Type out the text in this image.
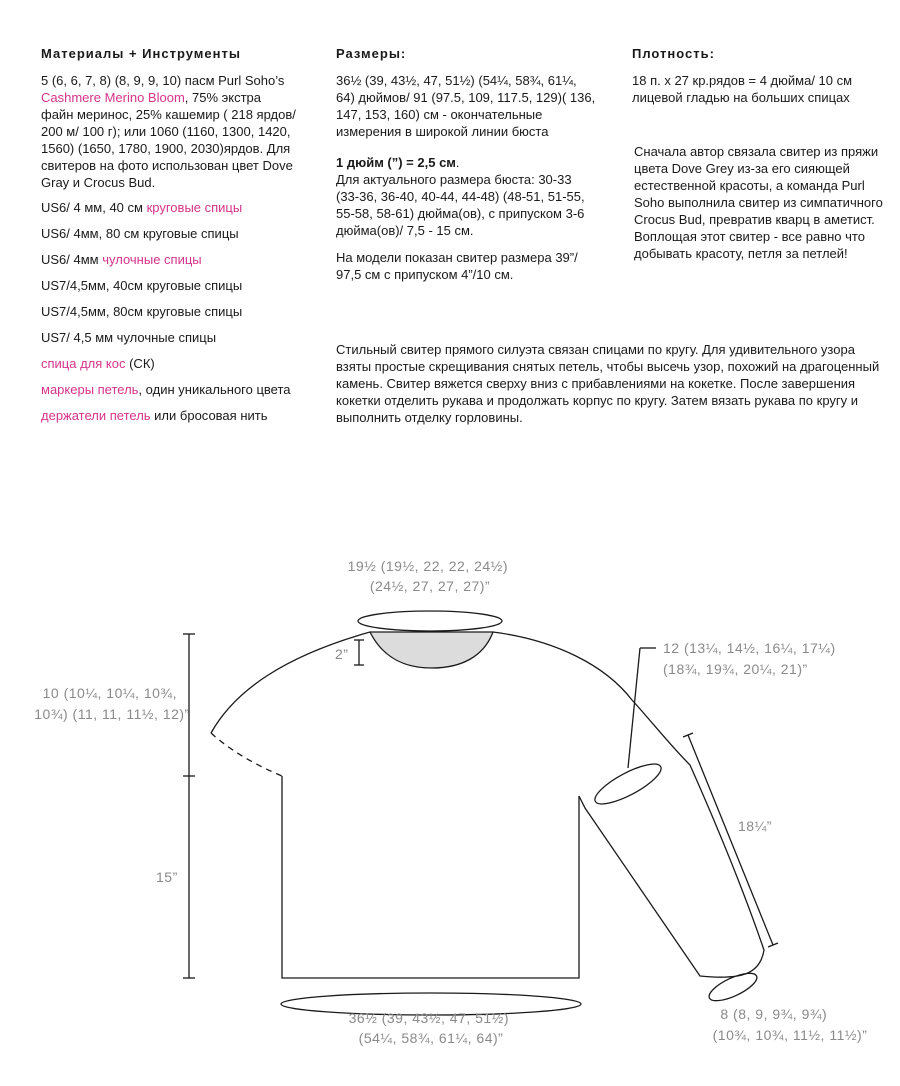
Материалы + Инструменты

5 (6, 6, 7, 8) (8, 9, 9, 10) пасм Purl Soho’s Cashmere Merino Bloom, 75% экстра файн меринос, 25% кашемир ( 218 ярдов/ 200 м/ 100 г); или 1060 (1160, 1300, 1420, 1560) (1650, 1780, 1900, 2030)ярдов. Для свитеров на фото использован цвет Dove Gray и Crocus Bud.

US6/ 4 мм, 40 см круговые спицы

US6/ 4мм, 80 см круговые спицы

US6/ 4мм чулочные спицы

US7/4,5мм, 40см круговые спицы

US7/4,5мм, 80см круговые спицы

US7/ 4,5 мм чулочные спицы

спица для кос (СК)

маркеры петель, один уникального цвета

держатели петель или бросовая нить

Размеры:

36½ (39, 43½, 47, 51½) (54¼, 58¾, 61¼, 64) дюймов/ 91 (97.5, 109, 117.5, 129)( 136, 147, 153, 160) см - окончательные измерения в широкой линии бюста

1 дюйм (”) = 2,5 см.

Для актуального размера бюста: 30-33 (33-36, 36-40, 40-44, 44-48) (48-51, 51-55, 55-58, 58-61) дюйма(ов), с припуском 3-6 дюйма(ов)/ 7,5 - 15 см.

На модели показан свитер размера 39”/ 97,5 см с припуском 4”/10 см.

Плотность:

18 п. x 27 кр.рядов = 4 дюйма/ 10 см лицевой гладью на больших спицах

Сначала автор связала свитер из пряжи цвета Dove Grey из-за его сияющей естественной красоты, а команда Purl Soho выполнила свитер из симпатичного Crocus Bud, превратив кварц в аметист. Воплощая этот свитер - все равно что добывать красоту, петля за петлей!
Стильный свитер прямого силуэта связан спицами по кругу. Для удивительного узора взяты простые скрещивания снятых петель, чтобы высечь узор, похожий на драгоценный камень. Свитер вяжется сверху вниз с прибавлениями на кокетке. После завершения кокетки отделить рукава и продолжать корпус по кругу. Затем вязать рукава по кругу и выполнить отделку горловины.
19½ (19½, 22, 22, 24½) (24½, 27, 27, 27)”
2”
10 (10¼, 10¼, 10¾, 10¾) (11, 11, 11½, 12)”
12 (13¼, 14½, 16¼, 17¼) (18¾, 19¾, 20¼, 21)”
18¼”
15”
36½ (39, 43½, 47, 51½) (54¼, 58¾, 61¼, 64)”
8 (8, 9, 9¾, 9¾) (10¾, 10¾, 11½, 11½)”
